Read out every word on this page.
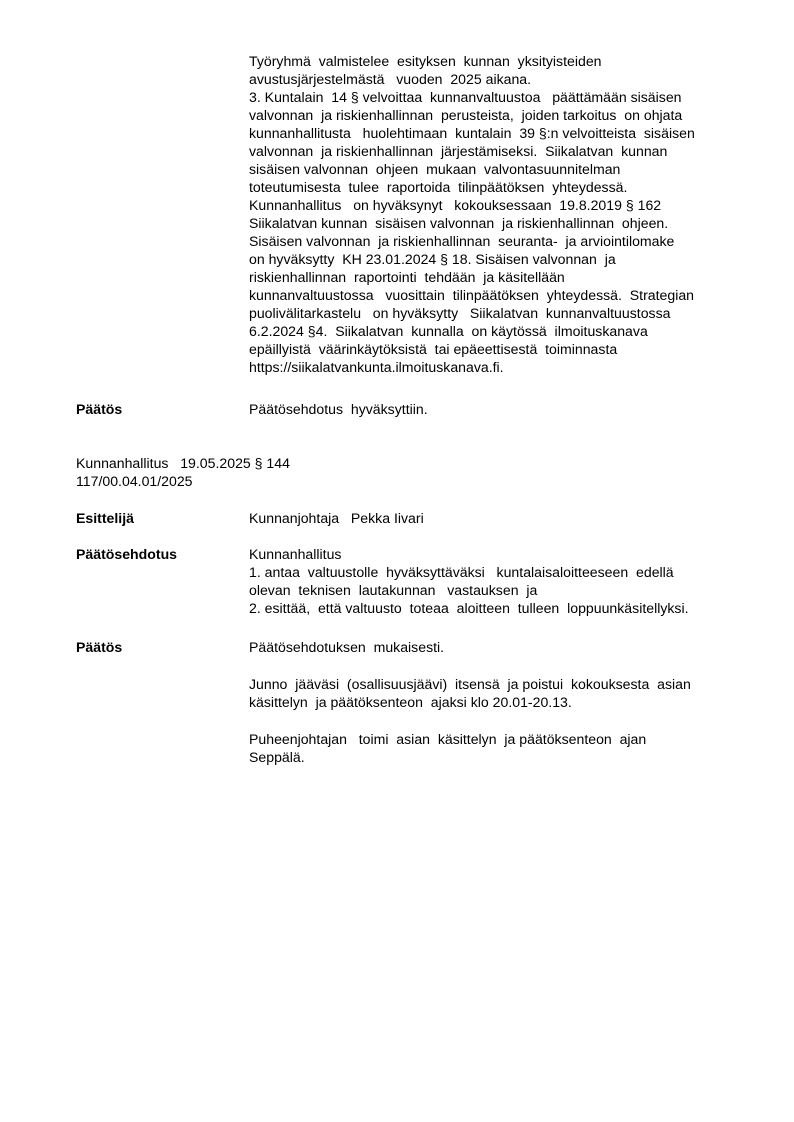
Työryhmä  valmistelee  esityksen  kunnan  yksityisteiden
avustusjärjestelmästä   vuoden  2025 aikana.
3. Kuntalain  14 § velvoittaa  kunnanvaltuustoa   päättämään sisäisen
valvonnan  ja riskienhallinnan  perusteista,  joiden tarkoitus  on ohjata
kunnanhallitusta   huolehtimaan  kuntalain  39 §:n velvoitteista  sisäisen
valvonnan  ja riskienhallinnan  järjestämiseksi.  Siikalatvan  kunnan
sisäisen valvonnan  ohjeen  mukaan  valvontasuunnitelman
toteutumisesta  tulee  raportoida  tilinpäätöksen  yhteydessä.
Kunnanhallitus   on hyväksynyt   kokouksessaan  19.8.2019 § 162
Siikalatvan kunnan  sisäisen valvonnan  ja riskienhallinnan  ohjeen.
Sisäisen valvonnan  ja riskienhallinnan  seuranta-  ja arviointilomake
on hyväksytty  KH 23.01.2024 § 18. Sisäisen valvonnan  ja
riskienhallinnan  raportointi  tehdään  ja käsitellään
kunnanvaltuustossa   vuosittain  tilinpäätöksen  yhteydessä.  Strategian
puolivälitarkastelu   on hyväksytty   Siikalatvan  kunnanvaltuustossa
6.2.2024 §4.  Siikalatvan  kunnalla  on käytössä  ilmoituskanava
epäillyistä  väärinkäytöksistä  tai epäeettisestä  toiminnasta
https://siikalatvankunta.ilmoituskanava.fi.
Päätös	Päätösehdotus  hyväksyttiin.
Kunnanhallitus   19.05.2025 § 144
117/00.04.01/2025
Esittelijä	Kunnanjohtaja   Pekka Iivari
Päätösehdotus	Kunnanhallitus
1. antaa  valtuustolle  hyväksyttäväksi   kuntalaisaloitteeseen  edellä
olevan  teknisen  lautakunnan   vastauksen  ja
2. esittää,  että valtuusto  toteaa  aloitteen  tulleen  loppuunkäsitellyksi.
Päätös	Päätösehdotuksen  mukaisesti.
Junno  jääväsi  (osallisuusjäävi)  itsensä  ja poistui  kokouksesta  asian
käsittelyn  ja päätöksenteon  ajaksi klo 20.01-20.13.
Puheenjohtajan   toimi  asian  käsittelyn  ja päätöksenteon  ajan
Seppälä.
